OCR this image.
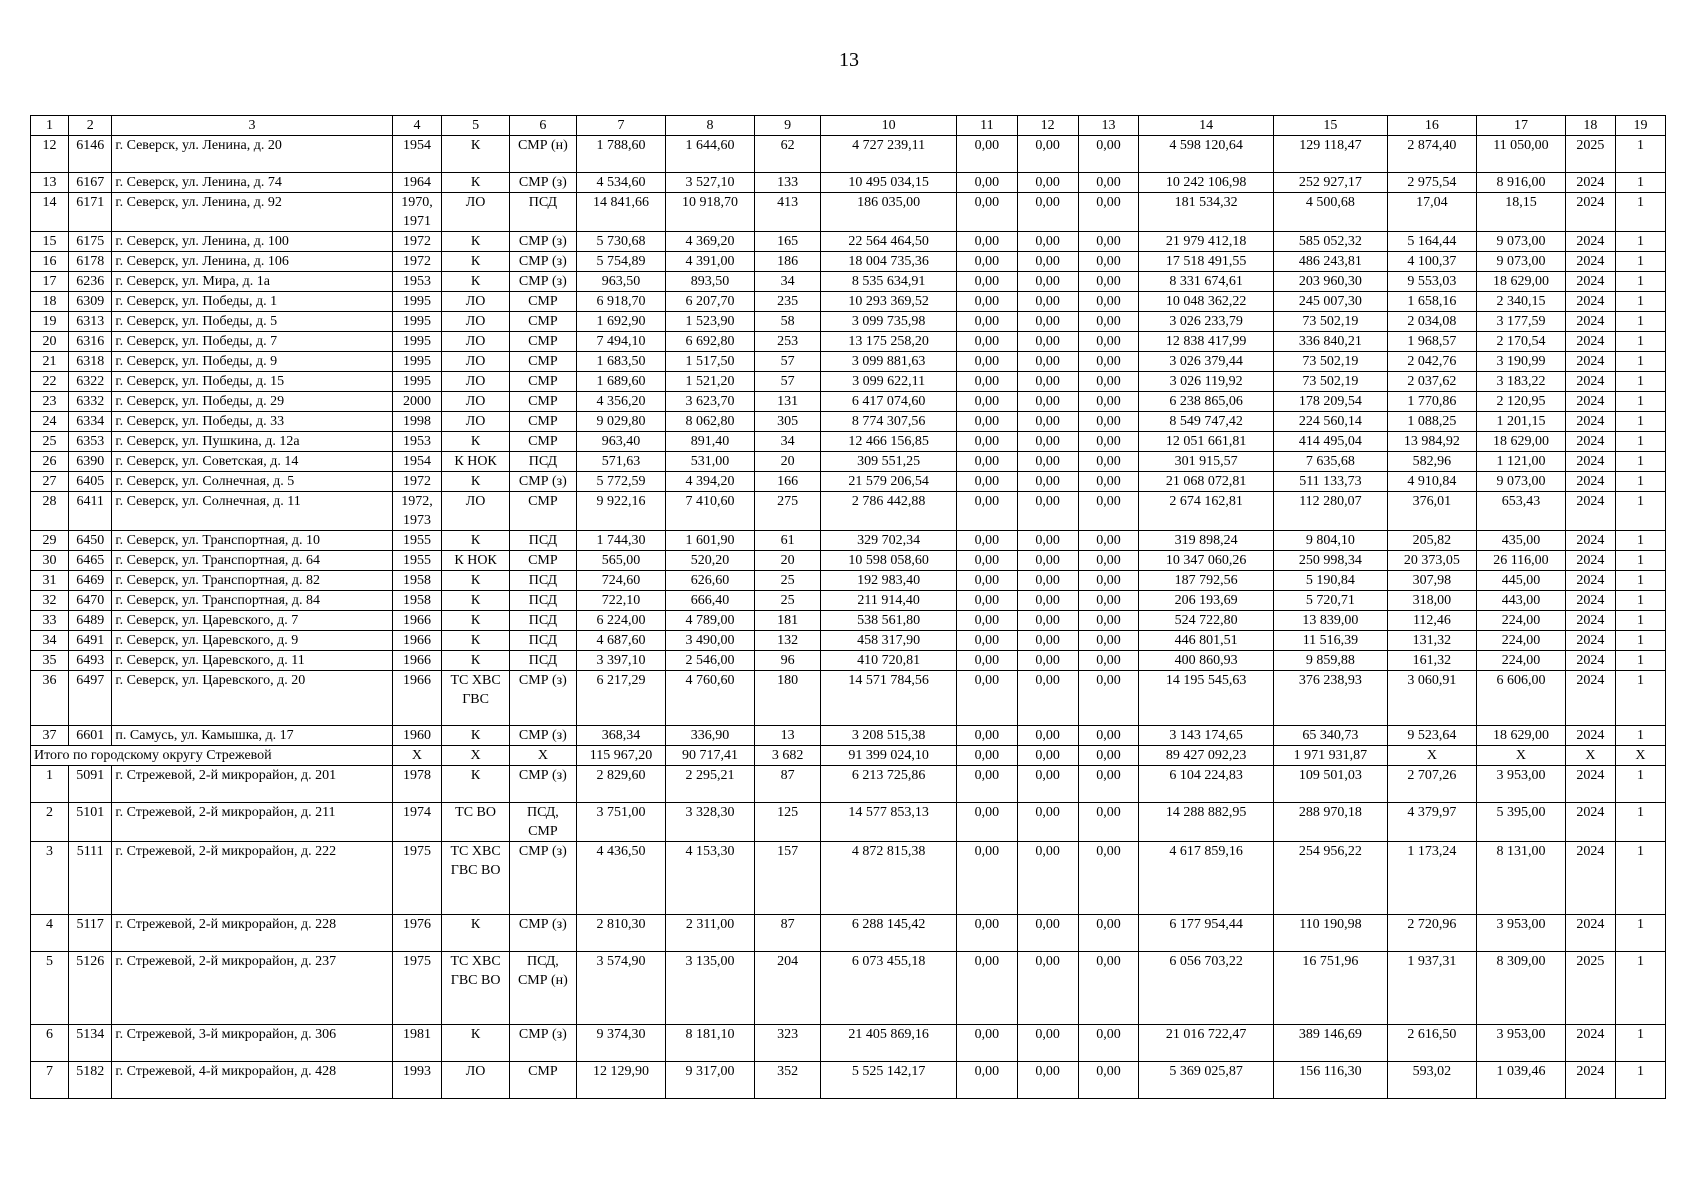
13
1	2	3	4	5	6	7	8	9	10	11	12	13	14	15	16	17	18	19
12	6146	г. Северск, ул. Ленина, д. 20	1954	К	СМР (н)	1 788,60	1 644,60	62	4 727 239,11	0,00	0,00	0,00	4 598 120,64	129 118,47	2 874,40	11 050,00	2025	1
13	6167	г. Северск, ул. Ленина, д. 74	1964	К	СМР (з)	4 534,60	3 527,10	133	10 495 034,15	0,00	0,00	0,00	10 242 106,98	252 927,17	2 975,54	8 916,00	2024	1
14	6171	г. Северск, ул. Ленина, д. 92	1970, 1971	ЛО	ПСД	14 841,66	10 918,70	413	186 035,00	0,00	0,00	0,00	181 534,32	4 500,68	17,04	18,15	2024	1
15	6175	г. Северск, ул. Ленина, д. 100	1972	К	СМР (з)	5 730,68	4 369,20	165	22 564 464,50	0,00	0,00	0,00	21 979 412,18	585 052,32	5 164,44	9 073,00	2024	1
16	6178	г. Северск, ул. Ленина, д. 106	1972	К	СМР (з)	5 754,89	4 391,00	186	18 004 735,36	0,00	0,00	0,00	17 518 491,55	486 243,81	4 100,37	9 073,00	2024	1
17	6236	г. Северск, ул. Мира, д. 1а	1953	К	СМР (з)	963,50	893,50	34	8 535 634,91	0,00	0,00	0,00	8 331 674,61	203 960,30	9 553,03	18 629,00	2024	1
18	6309	г. Северск, ул. Победы, д. 1	1995	ЛО	СМР	6 918,70	6 207,70	235	10 293 369,52	0,00	0,00	0,00	10 048 362,22	245 007,30	1 658,16	2 340,15	2024	1
19	6313	г. Северск, ул. Победы, д. 5	1995	ЛО	СМР	1 692,90	1 523,90	58	3 099 735,98	0,00	0,00	0,00	3 026 233,79	73 502,19	2 034,08	3 177,59	2024	1
20	6316	г. Северск, ул. Победы, д. 7	1995	ЛО	СМР	7 494,10	6 692,80	253	13 175 258,20	0,00	0,00	0,00	12 838 417,99	336 840,21	1 968,57	2 170,54	2024	1
21	6318	г. Северск, ул. Победы, д. 9	1995	ЛО	СМР	1 683,50	1 517,50	57	3 099 881,63	0,00	0,00	0,00	3 026 379,44	73 502,19	2 042,76	3 190,99	2024	1
22	6322	г. Северск, ул. Победы, д. 15	1995	ЛО	СМР	1 689,60	1 521,20	57	3 099 622,11	0,00	0,00	0,00	3 026 119,92	73 502,19	2 037,62	3 183,22	2024	1
23	6332	г. Северск, ул. Победы, д. 29	2000	ЛО	СМР	4 356,20	3 623,70	131	6 417 074,60	0,00	0,00	0,00	6 238 865,06	178 209,54	1 770,86	2 120,95	2024	1
24	6334	г. Северск, ул. Победы, д. 33	1998	ЛО	СМР	9 029,80	8 062,80	305	8 774 307,56	0,00	0,00	0,00	8 549 747,42	224 560,14	1 088,25	1 201,15	2024	1
25	6353	г. Северск, ул. Пушкина, д. 12а	1953	К	СМР	963,40	891,40	34	12 466 156,85	0,00	0,00	0,00	12 051 661,81	414 495,04	13 984,92	18 629,00	2024	1
26	6390	г. Северск, ул. Советская, д. 14	1954	К НОК	ПСД	571,63	531,00	20	309 551,25	0,00	0,00	0,00	301 915,57	7 635,68	582,96	1 121,00	2024	1
27	6405	г. Северск, ул. Солнечная, д. 5	1972	К	СМР (з)	5 772,59	4 394,20	166	21 579 206,54	0,00	0,00	0,00	21 068 072,81	511 133,73	4 910,84	9 073,00	2024	1
28	6411	г. Северск, ул. Солнечная, д. 11	1972, 1973	ЛО	СМР	9 922,16	7 410,60	275	2 786 442,88	0,00	0,00	0,00	2 674 162,81	112 280,07	376,01	653,43	2024	1
29	6450	г. Северск, ул. Транспортная, д. 10	1955	К	ПСД	1 744,30	1 601,90	61	329 702,34	0,00	0,00	0,00	319 898,24	9 804,10	205,82	435,00	2024	1
30	6465	г. Северск, ул. Транспортная, д. 64	1955	К НОК	СМР	565,00	520,20	20	10 598 058,60	0,00	0,00	0,00	10 347 060,26	250 998,34	20 373,05	26 116,00	2024	1
31	6469	г. Северск, ул. Транспортная, д. 82	1958	К	ПСД	724,60	626,60	25	192 983,40	0,00	0,00	0,00	187 792,56	5 190,84	307,98	445,00	2024	1
32	6470	г. Северск, ул. Транспортная, д. 84	1958	К	ПСД	722,10	666,40	25	211 914,40	0,00	0,00	0,00	206 193,69	5 720,71	318,00	443,00	2024	1
33	6489	г. Северск, ул. Царевского, д. 7	1966	К	ПСД	6 224,00	4 789,00	181	538 561,80	0,00	0,00	0,00	524 722,80	13 839,00	112,46	224,00	2024	1
34	6491	г. Северск, ул. Царевского, д. 9	1966	К	ПСД	4 687,60	3 490,00	132	458 317,90	0,00	0,00	0,00	446 801,51	11 516,39	131,32	224,00	2024	1
35	6493	г. Северск, ул. Царевского, д. 11	1966	К	ПСД	3 397,10	2 546,00	96	410 720,81	0,00	0,00	0,00	400 860,93	9 859,88	161,32	224,00	2024	1
36	6497	г. Северск, ул. Царевского, д. 20	1966	ТС ХВС ГВС	СМР (з)	6 217,29	4 760,60	180	14 571 784,56	0,00	0,00	0,00	14 195 545,63	376 238,93	3 060,91	6 606,00	2024	1
37	6601	п. Самусь, ул. Камышка, д. 17	1960	К	СМР (з)	368,34	336,90	13	3 208 515,38	0,00	0,00	0,00	3 143 174,65	65 340,73	9 523,64	18 629,00	2024	1
Итого по городскому округу Стрежевой			X	X	X	115 967,20	90 717,41	3 682	91 399 024,10	0,00	0,00	0,00	89 427 092,23	1 971 931,87	X	X	X	X
1	5091	г. Стрежевой, 2-й микрорайон, д. 201	1978	К	СМР (з)	2 829,60	2 295,21	87	6 213 725,86	0,00	0,00	0,00	6 104 224,83	109 501,03	2 707,26	3 953,00	2024	1
2	5101	г. Стрежевой, 2-й микрорайон, д. 211	1974	ТС ВО	ПСД, СМР	3 751,00	3 328,30	125	14 577 853,13	0,00	0,00	0,00	14 288 882,95	288 970,18	4 379,97	5 395,00	2024	1
3	5111	г. Стрежевой, 2-й микрорайон, д. 222	1975	ТС ХВС ГВС ВО	СМР (з)	4 436,50	4 153,30	157	4 872 815,38	0,00	0,00	0,00	4 617 859,16	254 956,22	1 173,24	8 131,00	2024	1
4	5117	г. Стрежевой, 2-й микрорайон, д. 228	1976	К	СМР (з)	2 810,30	2 311,00	87	6 288 145,42	0,00	0,00	0,00	6 177 954,44	110 190,98	2 720,96	3 953,00	2024	1
5	5126	г. Стрежевой, 2-й микрорайон, д. 237	1975	ТС ХВС ГВС ВО	ПСД, СМР (н)	3 574,90	3 135,00	204	6 073 455,18	0,00	0,00	0,00	6 056 703,22	16 751,96	1 937,31	8 309,00	2025	1
6	5134	г. Стрежевой, 3-й микрорайон, д. 306	1981	К	СМР (з)	9 374,30	8 181,10	323	21 405 869,16	0,00	0,00	0,00	21 016 722,47	389 146,69	2 616,50	3 953,00	2024	1
7	5182	г. Стрежевой, 4-й микрорайон, д. 428	1993	ЛО	СМР	12 129,90	9 317,00	352	5 525 142,17	0,00	0,00	0,00	5 369 025,87	156 116,30	593,02	1 039,46	2024	1
